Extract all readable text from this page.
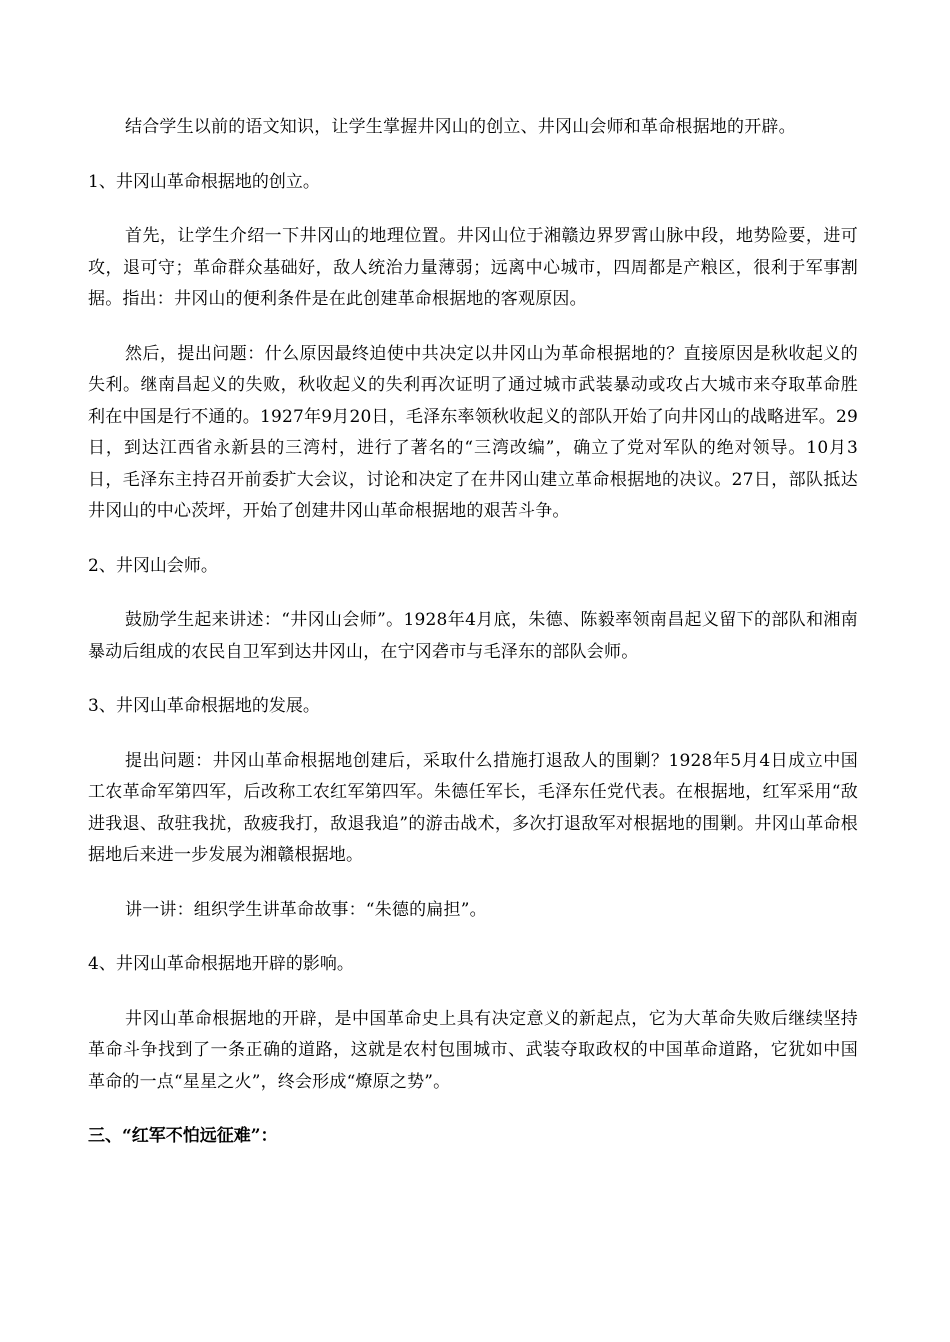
结合学生以前的语文知识，让学生掌握井冈山的创立、井冈山会师和革命根据地的开辟。

1、井冈山革命根据地的创立。

首先，让学生介绍一下井冈山的地理位置。井冈山位于湘赣边界罗霄山脉中段，地势险要，进可攻，退可守；革命群众基础好，敌人统治力量薄弱；远离中心城市，四周都是产粮区，很利于军事割据。指出：井冈山的便利条件是在此创建革命根据地的客观原因。

然后，提出问题：什么原因最终迫使中共决定以井冈山为革命根据地的？直接原因是秋收起义的失利。继南昌起义的失败，秋收起义的失利再次证明了通过城市武装暴动或攻占大城市来夺取革命胜利在中国是行不通的。1927年9月20日，毛泽东率领秋收起义的部队开始了向井冈山的战略进军。29日，到达江西省永新县的三湾村，进行了著名的“三湾改编”，确立了党对军队的绝对领导。10月3日，毛泽东主持召开前委扩大会议，讨论和决定了在井冈山建立革命根据地的决议。27日，部队抵达井冈山的中心茨坪，开始了创建井冈山革命根据地的艰苦斗争。

2、井冈山会师。

鼓励学生起来讲述：“井冈山会师”。1928年4月底，朱德、陈毅率领南昌起义留下的部队和湘南暴动后组成的农民自卫军到达井冈山，在宁冈砻市与毛泽东的部队会师。

3、井冈山革命根据地的发展。

提出问题：井冈山革命根据地创建后，采取什么措施打退敌人的围剿？1928年5月4日成立中国工农革命军第四军，后改称工农红军第四军。朱德任军长，毛泽东任党代表。在根据地，红军采用“敌进我退、敌驻我扰，敌疲我打，敌退我追”的游击战术，多次打退敌军对根据地的围剿。井冈山革命根据地后来进一步发展为湘赣根据地。

讲一讲：组织学生讲革命故事：“朱德的扁担”。

4、井冈山革命根据地开辟的影响。

井冈山革命根据地的开辟，是中国革命史上具有决定意义的新起点，它为大革命失败后继续坚持革命斗争找到了一条正确的道路，这就是农村包围城市、武装夺取政权的中国革命道路，它犹如中国革命的一点“星星之火”，终会形成“燎原之势”。

三、“红军不怕远征难”：
